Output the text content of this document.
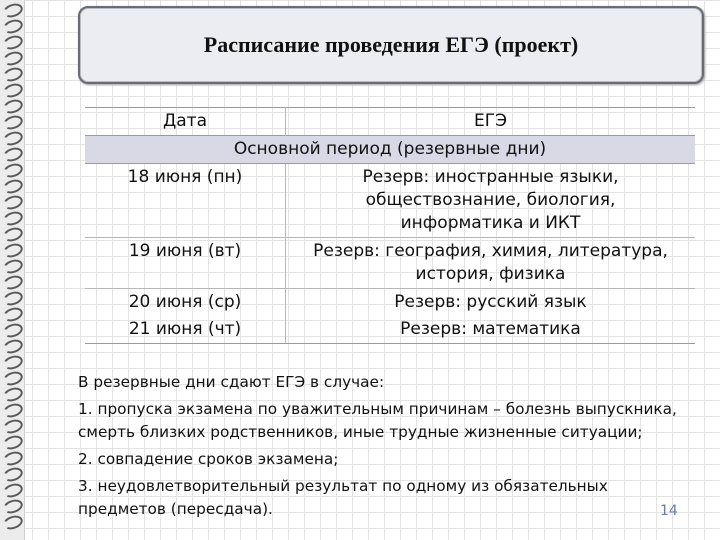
Расписание проведения ЕГЭ (проект)
Дата	ЕГЭ
Основной период (резервные дни)	
18 июня (пн)	Резерв: иностранные языки, обществознание, биология, информатика и ИКТ
19 июня (вт)	Резерв: география, химия, литература, история, физика
20 июня (ср)	Резерв: русский язык
21 июня (чт)	Резерв: математика

В резервные дни сдают ЕГЭ в случае:

1. пропуска экзамена по уважительным причинам – болезнь выпускника, смерть близких родственников, иные трудные жизненные ситуации;

2. совпадение сроков экзамена;

3. неудовлетворительный результат по одному из обязательных предметов (пересдача).	14
